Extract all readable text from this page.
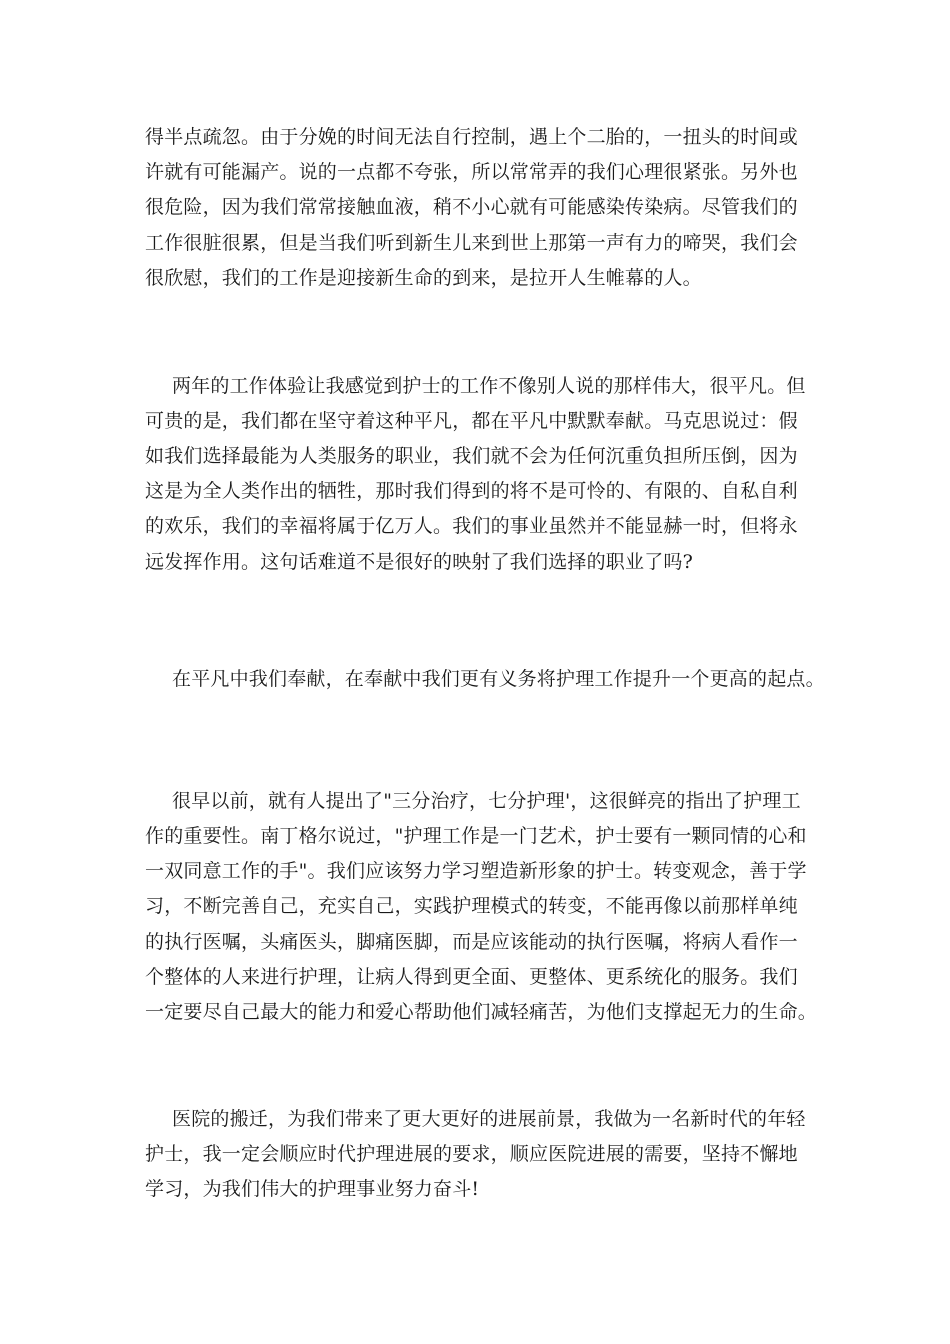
得半点疏忽。由于分娩的时间无法自行控制，遇上个二胎的，一扭头的时间或
许就有可能漏产。说的一点都不夸张，所以常常弄的我们心理很紧张。另外也
很危险，因为我们常常接触血液，稍不小心就有可能感染传染病。尽管我们的
工作很脏很累，但是当我们听到新生儿来到世上那第一声有力的啼哭，我们会
很欣慰，我们的工作是迎接新生命的到来，是拉开人生帷幕的人。
两年的工作体验让我感觉到护士的工作不像别人说的那样伟大，很平凡。但
可贵的是，我们都在坚守着这种平凡，都在平凡中默默奉献。马克思说过：假
如我们选择最能为人类服务的职业，我们就不会为任何沉重负担所压倒，因为
这是为全人类作出的牺牲，那时我们得到的将不是可怜的、有限的、自私自利
的欢乐，我们的幸福将属于亿万人。我们的事业虽然并不能显赫一时，但将永
远发挥作用。这句话难道不是很好的映射了我们选择的职业了吗?
在平凡中我们奉献，在奉献中我们更有义务将护理工作提升一个更高的起点。
很早以前，就有人提出了"三分治疗，七分护理'，这很鲜亮的指出了护理工
作的重要性。南丁格尔说过，"护理工作是一门艺术，护士要有一颗同情的心和
一双同意工作的手"。我们应该努力学习塑造新形象的护士。转变观念，善于学
习，不断完善自己，充实自己，实践护理模式的转变，不能再像以前那样单纯
的执行医嘱，头痛医头，脚痛医脚，而是应该能动的执行医嘱，将病人看作一
个整体的人来进行护理，让病人得到更全面、更整体、更系统化的服务。我们
一定要尽自己最大的能力和爱心帮助他们减轻痛苦，为他们支撑起无力的生命。
医院的搬迁，为我们带来了更大更好的进展前景，我做为一名新时代的年轻
护士，我一定会顺应时代护理进展的要求，顺应医院进展的需要，坚持不懈地
学习，为我们伟大的护理事业努力奋斗!
